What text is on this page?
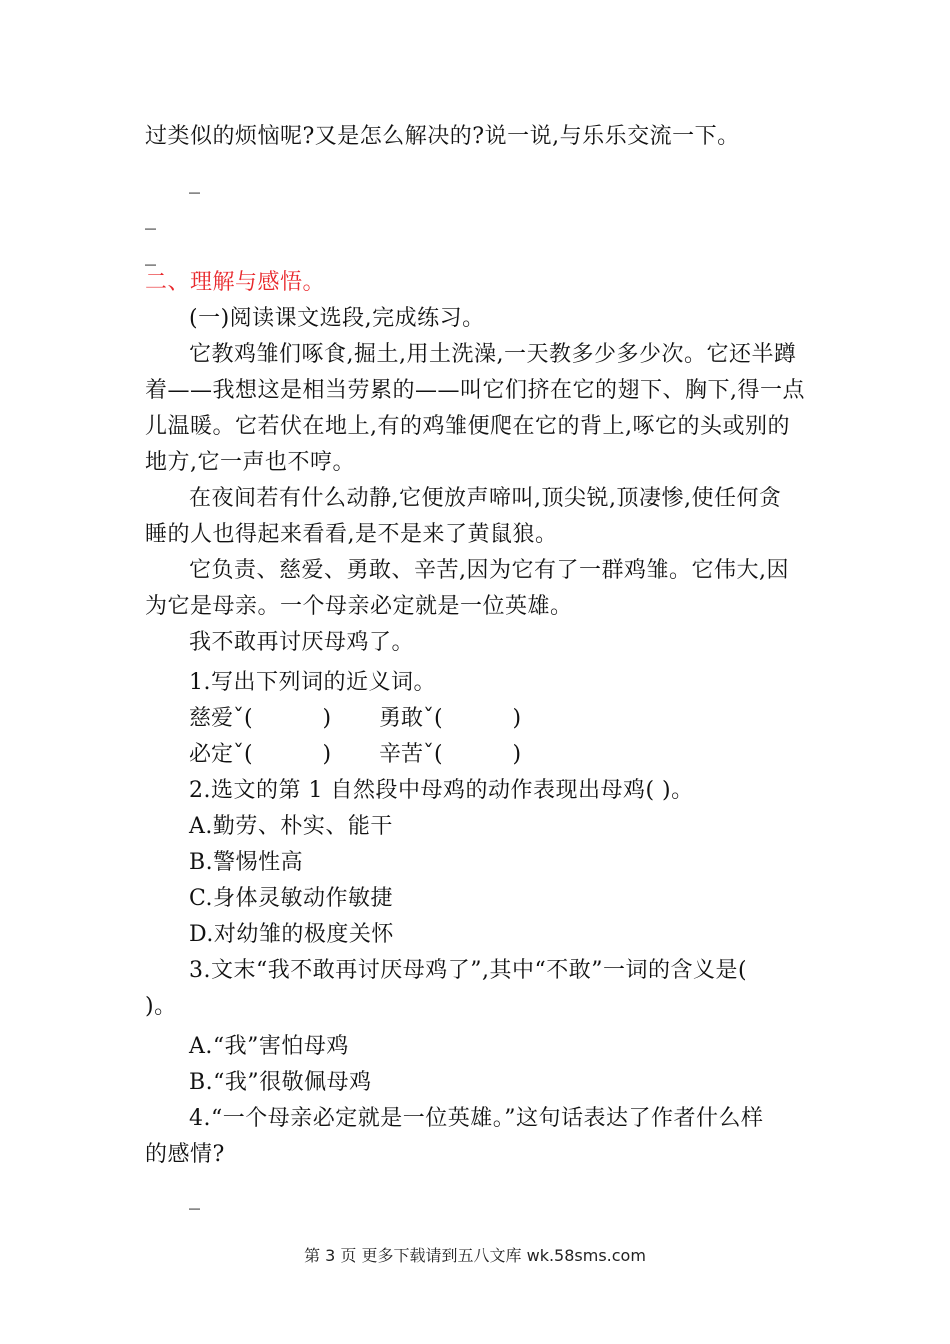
过类似的烦恼呢?又是怎么解决的?说一说,与乐乐交流一下。
_
_
_
二、理解与感悟。
(一)阅读课文选段,完成练习。
它教鸡雏们啄食,掘土,用土洗澡,一天教多少多少次。它还半蹲
着——我想这是相当劳累的——叫它们挤在它的翅下、胸下,得一点
儿温暖。它若伏在地上,有的鸡雏便爬在它的背上,啄它的头或别的
地方,它一声也不哼。
在夜间若有什么动静,它便放声啼叫,顶尖锐,顶凄惨,使任何贪
睡的人也得起来看看,是不是来了黄鼠狼。
它负责、慈爱、勇敢、辛苦,因为它有了一群鸡雏。它伟大,因
为它是母亲。一个母亲必定就是一位英雄。
我不敢再讨厌母鸡了。
1.写出下列词的近义词。
慈爱ˇ(          ) 勇敢ˇ(          )
必定ˇ(          ) 辛苦ˇ(          )
2.选文的第 1 自然段中母鸡的动作表现出母鸡( )。
A.勤劳、朴实、能干
B.警惕性高
C.身体灵敏动作敏捷
D.对幼雏的极度关怀
3.文末“我不敢再讨厌母鸡了”,其中“不敢”一词的含义是(
)。
A.“我”害怕母鸡
B.“我”很敬佩母鸡
4.“一个母亲必定就是一位英雄。”这句话表达了作者什么样
的感情?
_
第 3 页 更多下载请到五八文库 wk.58sms.com
